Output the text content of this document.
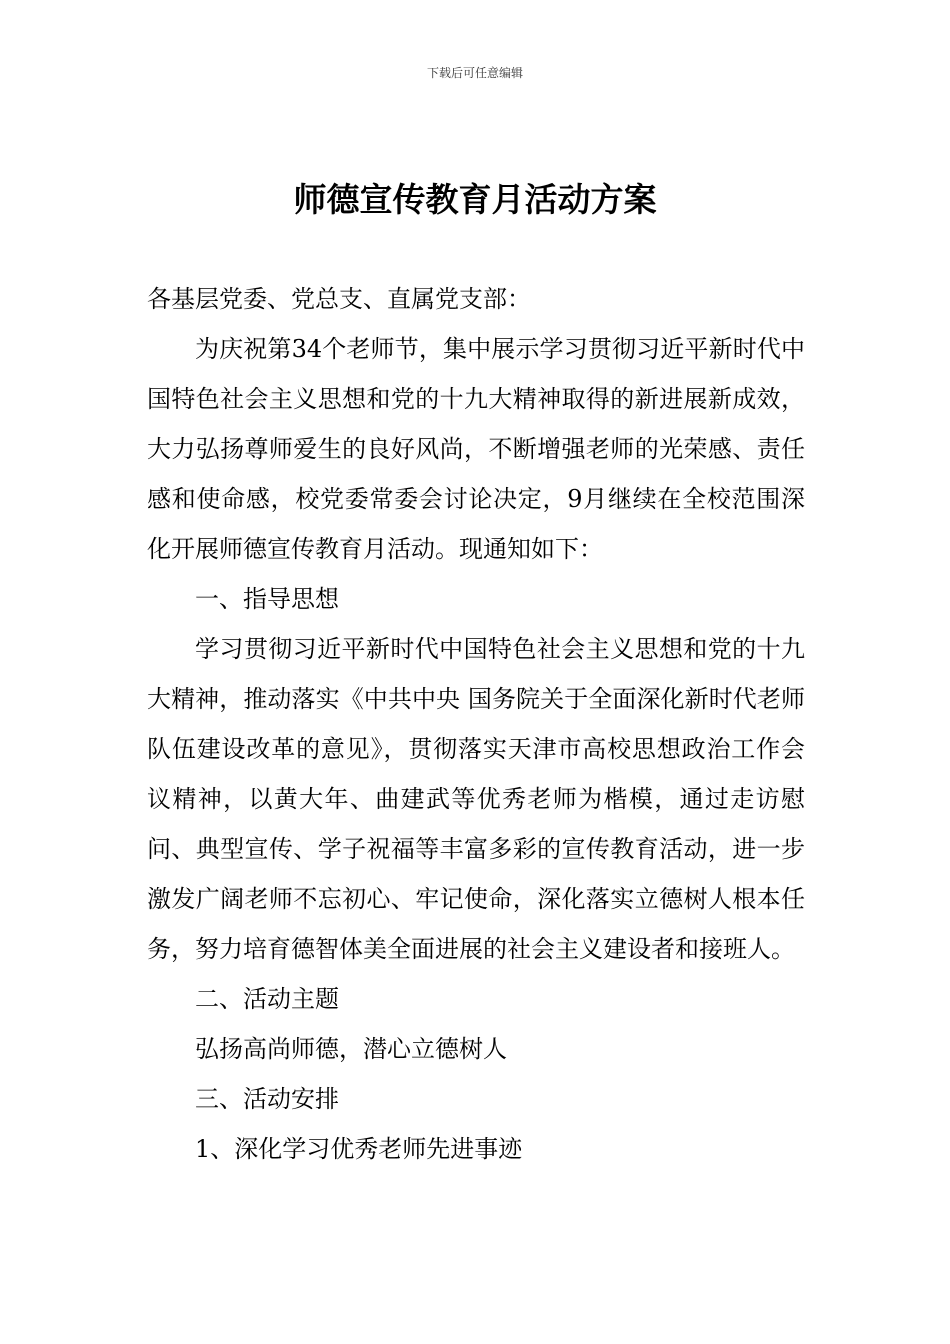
下载后可任意编辑
师德宣传教育月活动方案

各基层党委、党总支、直属党支部：

为庆祝第34个老师节，集中展示学习贯彻习近平新时代中国特色社会主义思想和党的十九大精神取得的新进展新成效，大力弘扬尊师爱生的良好风尚，不断增强老师的光荣感、责任感和使命感，校党委常委会讨论决定，9月继续在全校范围深化开展师德宣传教育月活动。现通知如下：

一、指导思想

学习贯彻习近平新时代中国特色社会主义思想和党的十九大精神，推动落实《中共中央 国务院关于全面深化新时代老师队伍建设改革的意见》，贯彻落实天津市高校思想政治工作会议精神，以黄大年、曲建武等优秀老师为楷模，通过走访慰问、典型宣传、学子祝福等丰富多彩的宣传教育活动，进一步激发广阔老师不忘初心、牢记使命，深化落实立德树人根本任务，努力培育德智体美全面进展的社会主义建设者和接班人。

二、活动主题

弘扬高尚师德，潜心立德树人

三、活动安排

1、深化学习优秀老师先进事迹
